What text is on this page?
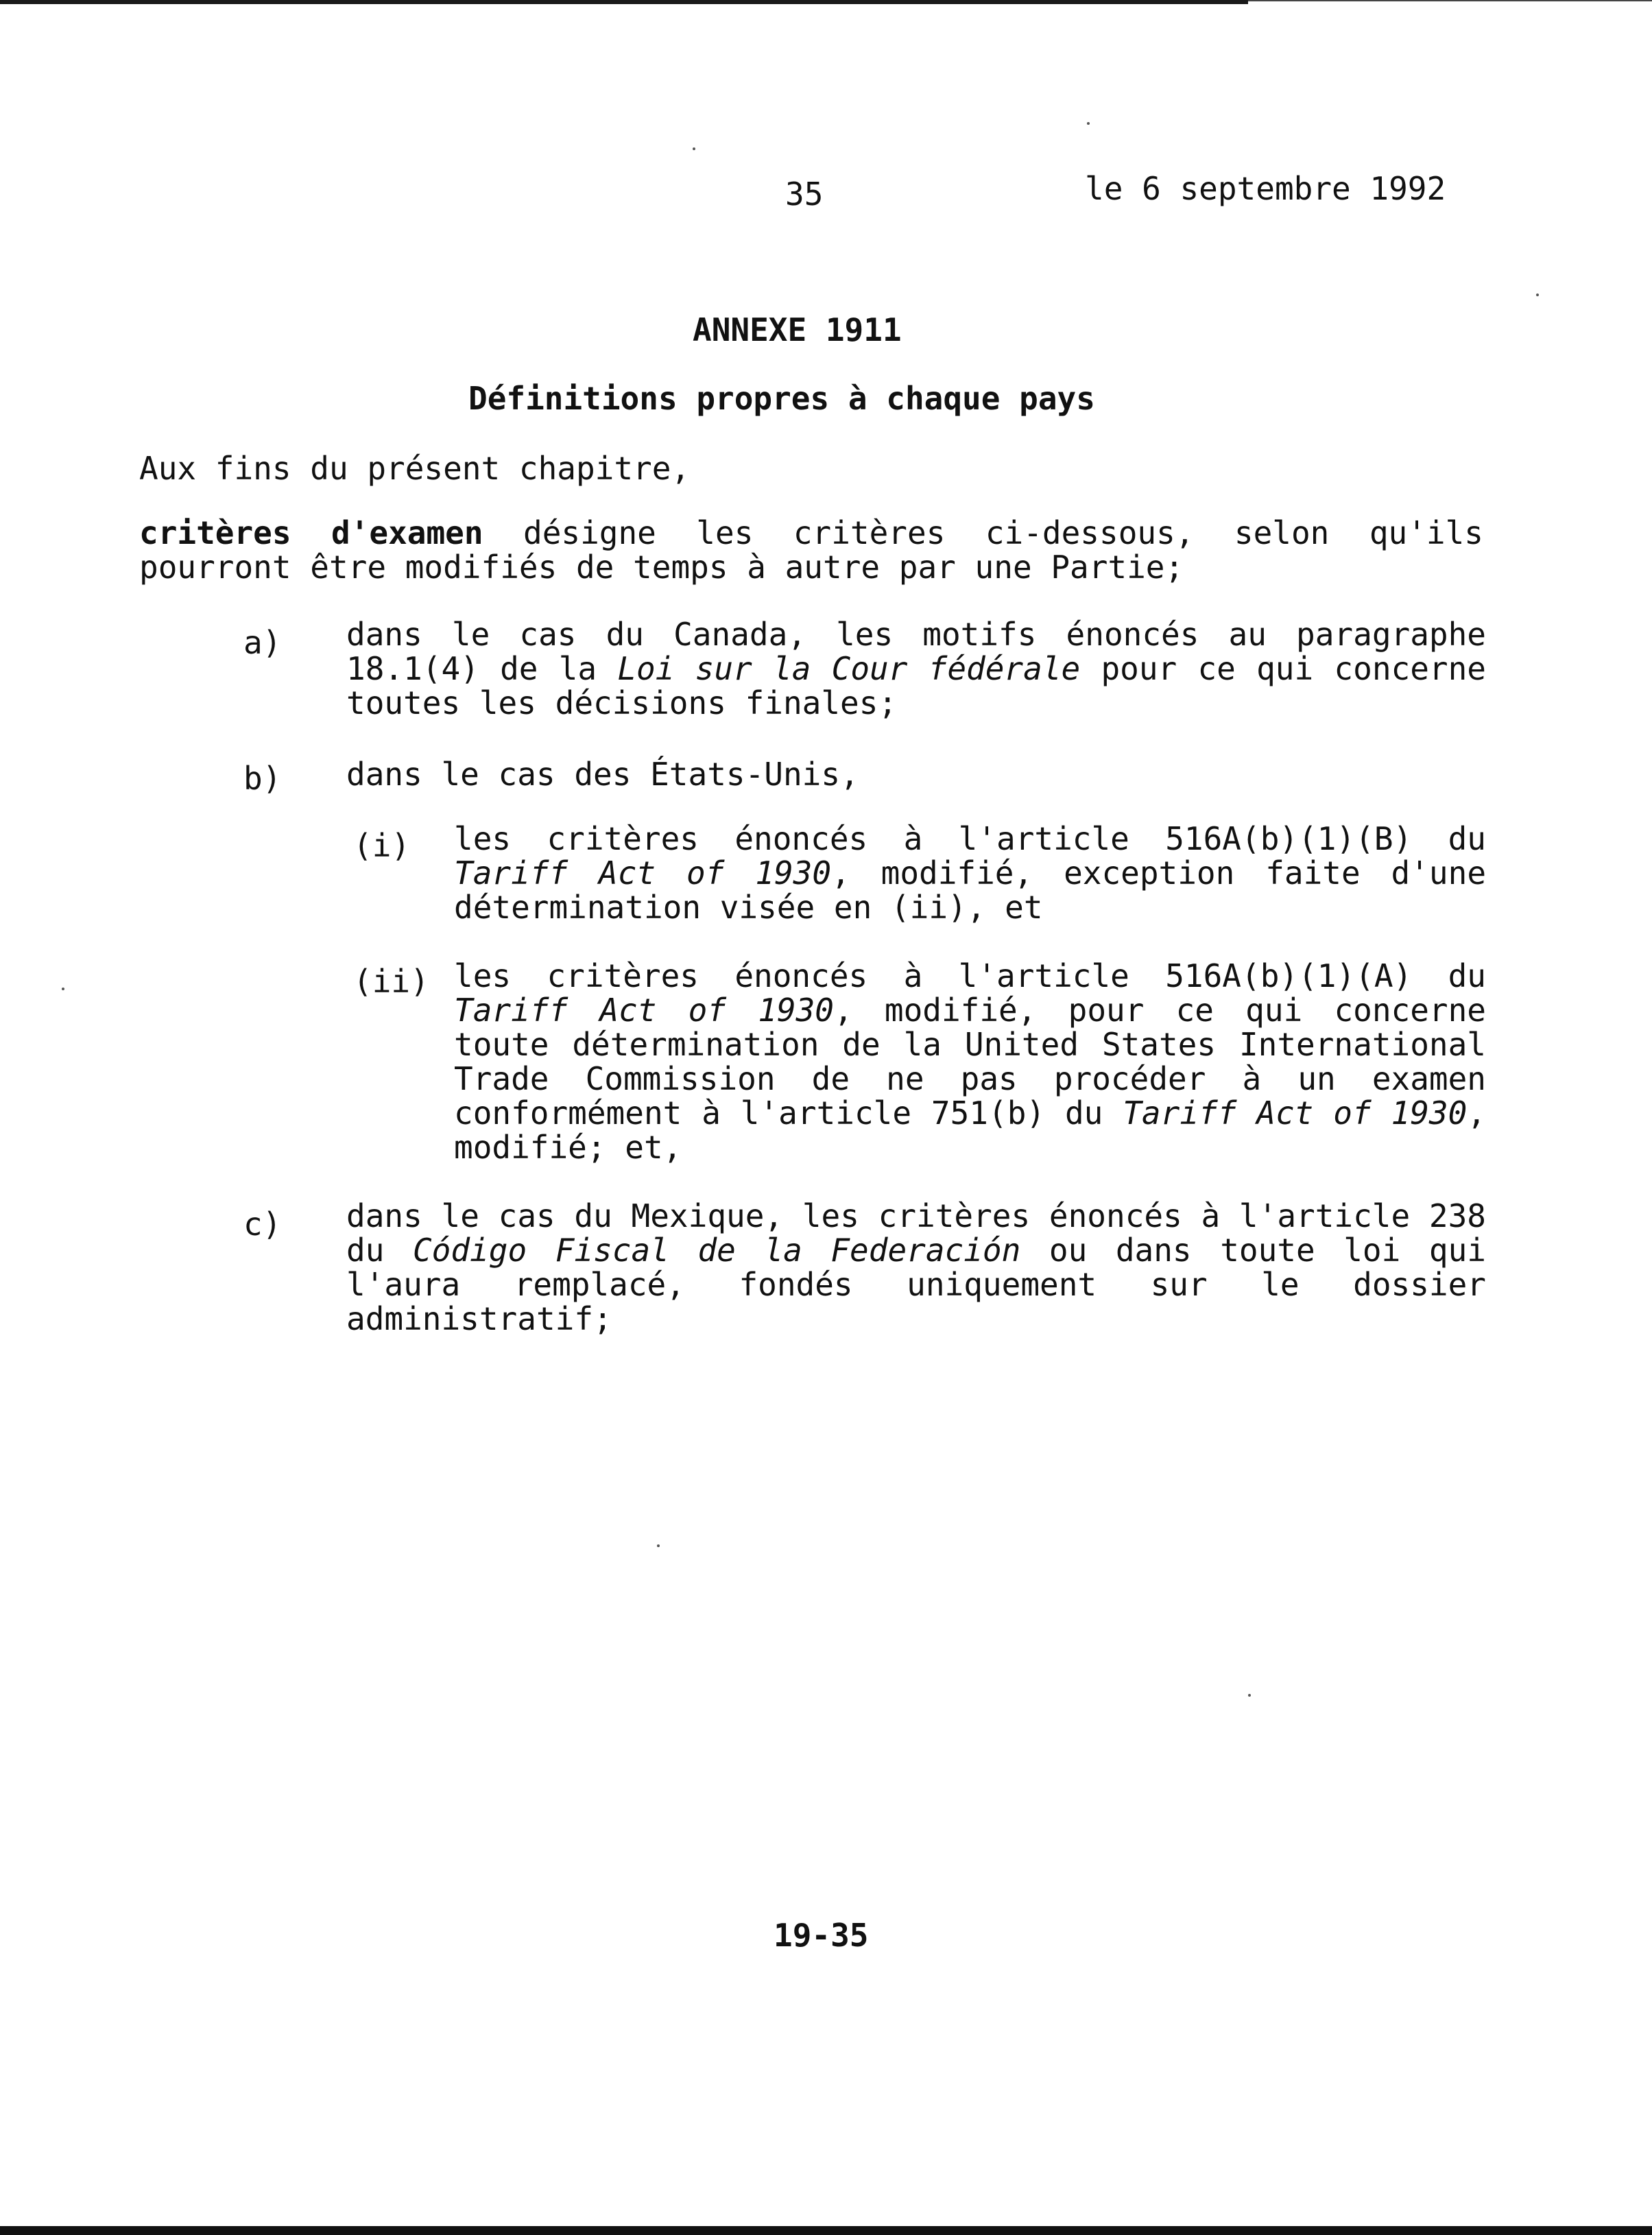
35	le 6 septembre 1992
ANNEXE 1911
Définitions propres à chaque pays
Aux fins du présent chapitre,
critères d'examen désigne les critères ci-dessous, selon qu'ils pourront être modifiés de temps à autre par une Partie;
a) dans le cas du Canada, les motifs énoncés au paragraphe 18.1(4) de la Loi sur la Cour fédérale pour ce qui concerne toutes les décisions finales;
b) dans le cas des États-Unis,
(i) les critères énoncés à l'article 516A(b)(1)(B) du Tariff Act of 1930, modifié, exception faite d'une détermination visée en (ii), et
(ii) les critères énoncés à l'article 516A(b)(1)(A) du Tariff Act of 1930, modifié, pour ce qui concerne toute détermination de la United States International Trade Commission de ne pas procéder à un examen conformément à l'article 751(b) du Tariff Act of 1930, modifié; et,
c) dans le cas du Mexique, les critères énoncés à l'article 238 du Código Fiscal de la Federación ou dans toute loi qui l'aura remplacé, fondés uniquement sur le dossier administratif;
19-35
